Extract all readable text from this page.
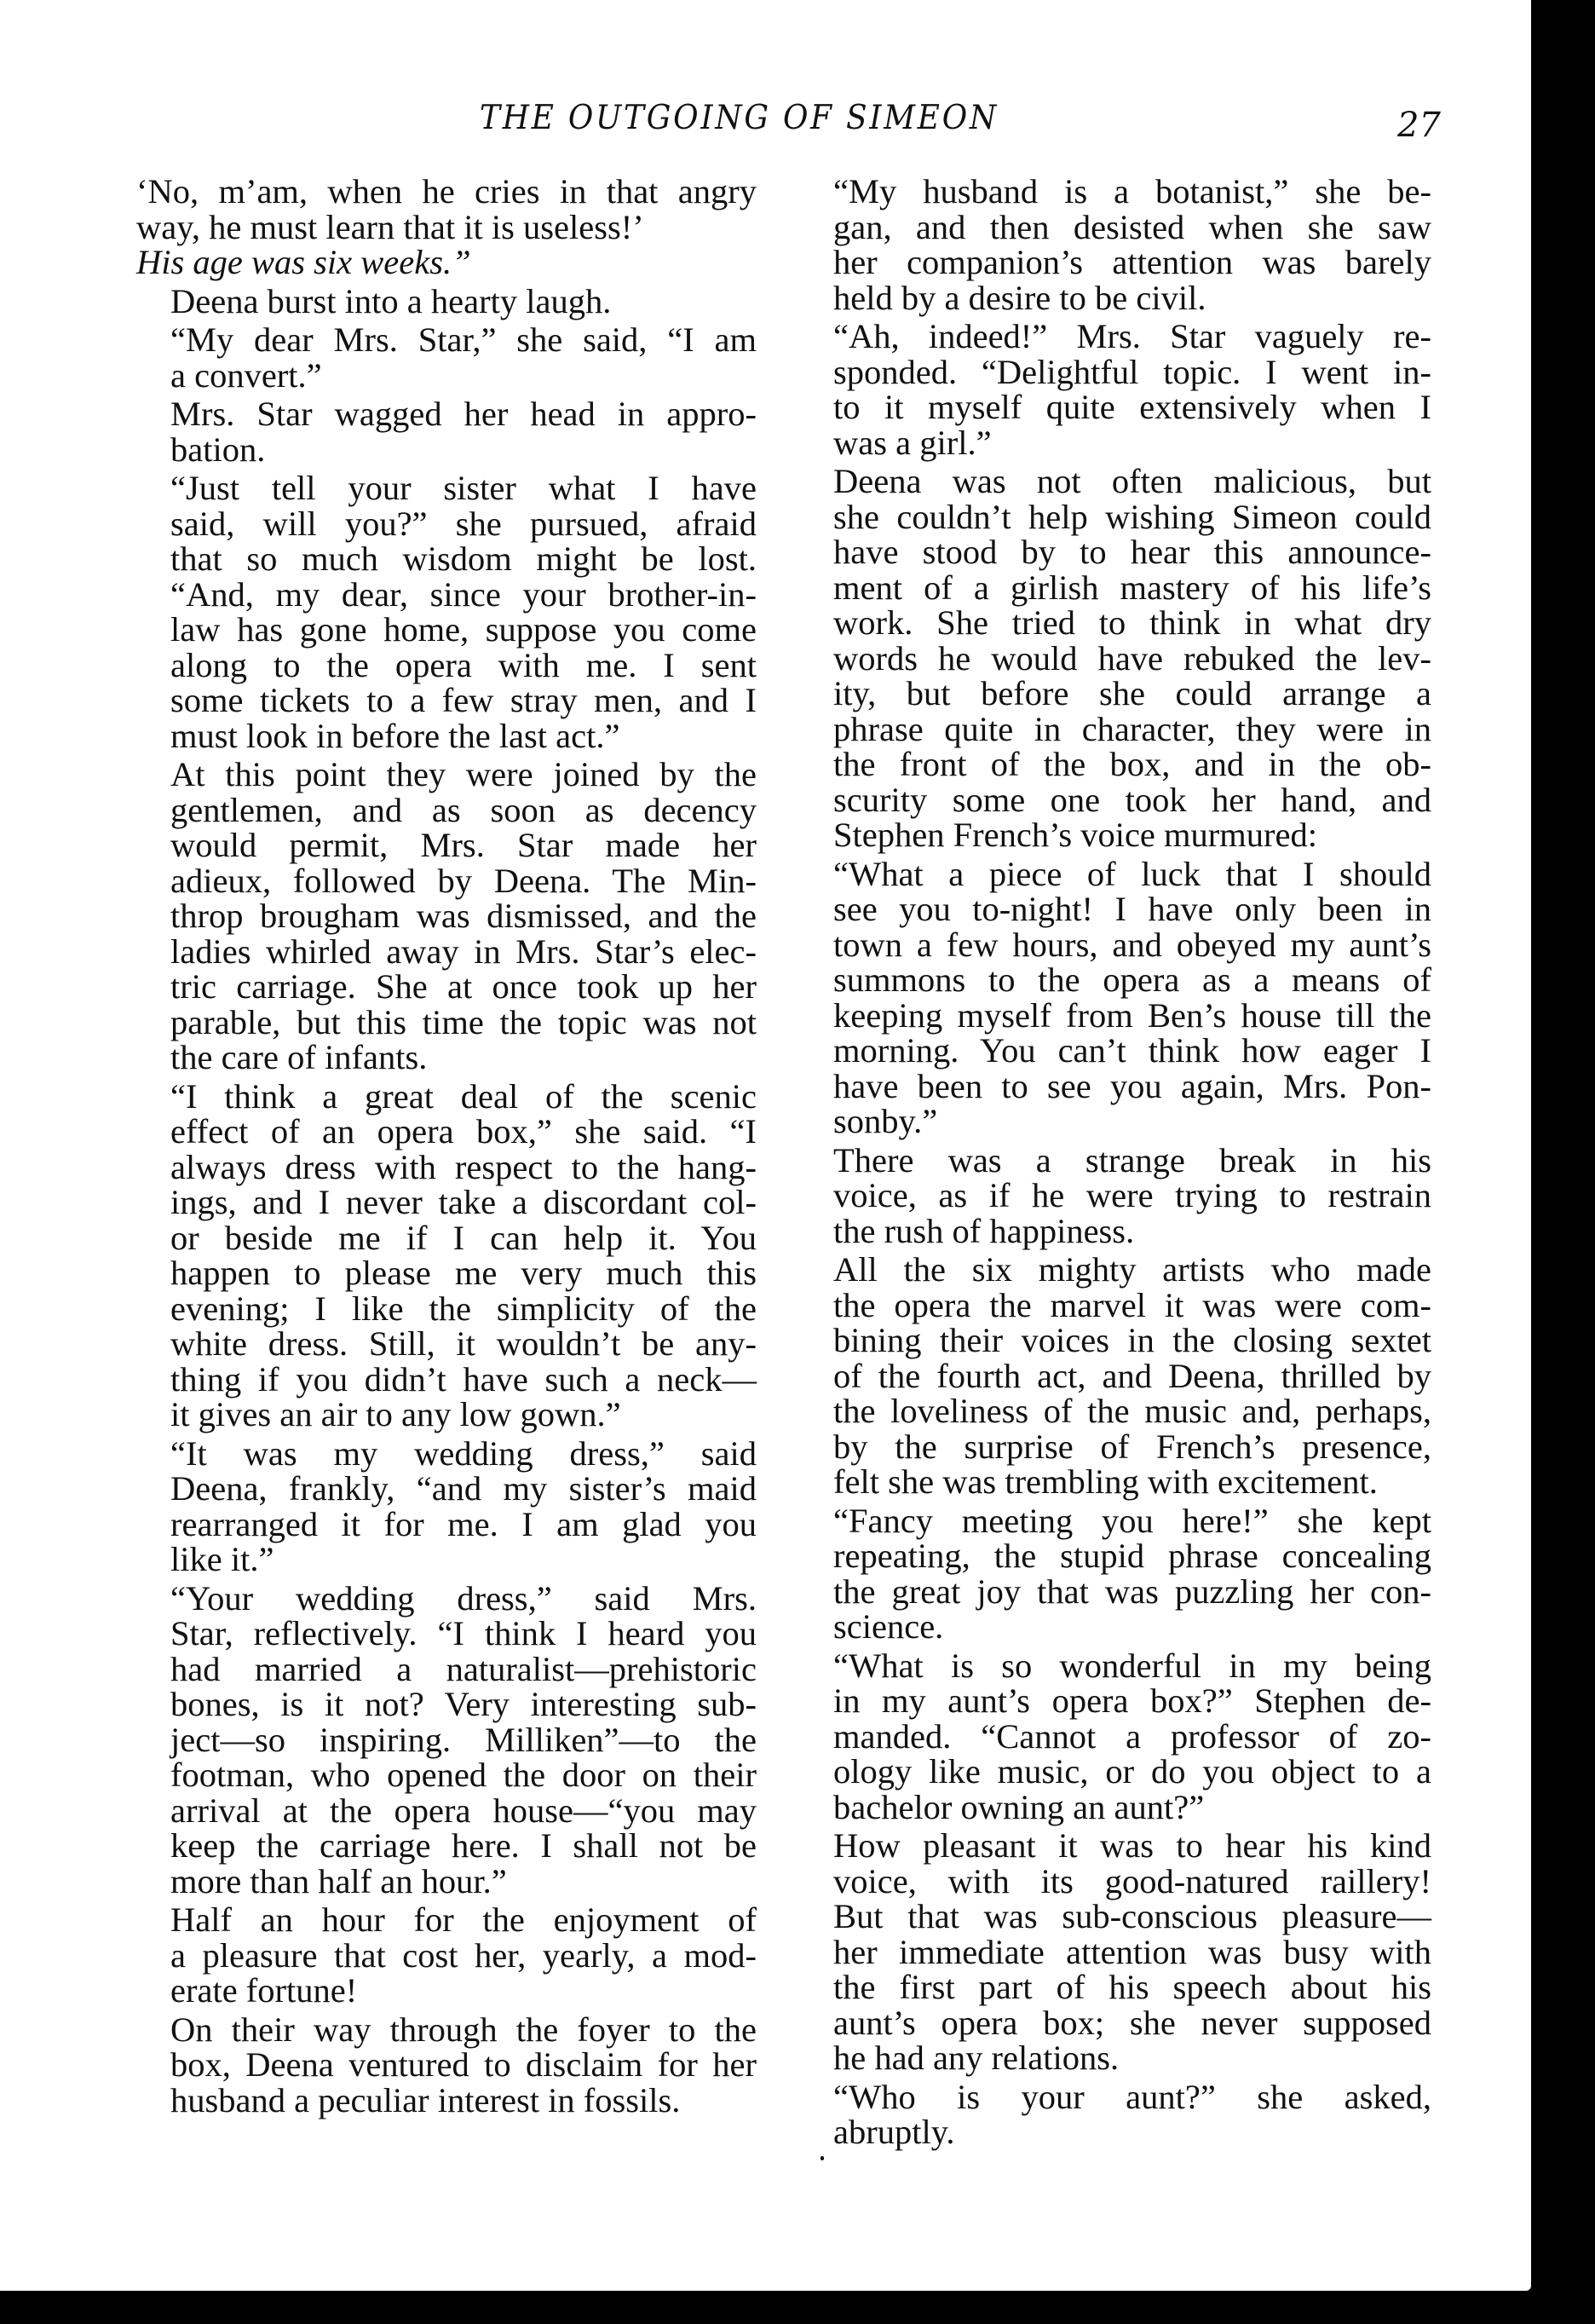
THE OUTGOING OF SIMEON	27
‘No, m’am, when he cries in that angry
way, he must learn that it is useless!’
His age was six weeks.”
Deena burst into a hearty laugh.
“My dear Mrs. Star,” she said, “I am
a convert.”
Mrs. Star wagged her head in appro-
bation.
“Just tell your sister what I have
said, will you?” she pursued, afraid
that so much wisdom might be lost.
“And, my dear, since your brother-in-
law has gone home, suppose you come
along to the opera with me. I sent
some tickets to a few stray men, and I
must look in before the last act.”
At this point they were joined by the
gentlemen, and as soon as decency
would permit, Mrs. Star made her
adieux, followed by Deena. The Min-
throp brougham was dismissed, and the
ladies whirled away in Mrs. Star’s elec-
tric carriage. She at once took up her
parable, but this time the topic was not
the care of infants.
“I think a great deal of the scenic
effect of an opera box,” she said. “I
always dress with respect to the hang-
ings, and I never take a discordant col-
or beside me if I can help it. You
happen to please me very much this
evening; I like the simplicity of the
white dress. Still, it wouldn’t be any-
thing if you didn’t have such a neck—
it gives an air to any low gown.”
“It was my wedding dress,” said
Deena, frankly, “and my sister’s maid
rearranged it for me. I am glad you
like it.”
“Your wedding dress,” said Mrs.
Star, reflectively. “I think I heard you
had married a naturalist—prehistoric
bones, is it not? Very interesting sub-
ject—so inspiring. Milliken”—to the
footman, who opened the door on their
arrival at the opera house—“you may
keep the carriage here. I shall not be
more than half an hour.”
Half an hour for the enjoyment of
a pleasure that cost her, yearly, a mod-
erate fortune!
On their way through the foyer to the
box, Deena ventured to disclaim for her
husband a peculiar interest in fossils.
“My husband is a botanist,” she be-
gan, and then desisted when she saw
her companion’s attention was barely
held by a desire to be civil.
“Ah, indeed!” Mrs. Star vaguely re-
sponded. “Delightful topic. I went in-
to it myself quite extensively when I
was a girl.”
Deena was not often malicious, but
she couldn’t help wishing Simeon could
have stood by to hear this announce-
ment of a girlish mastery of his life’s
work. She tried to think in what dry
words he would have rebuked the lev-
ity, but before she could arrange a
phrase quite in character, they were in
the front of the box, and in the ob-
scurity some one took her hand, and
Stephen French’s voice murmured:
“What a piece of luck that I should
see you to-night! I have only been in
town a few hours, and obeyed my aunt’s
summons to the opera as a means of
keeping myself from Ben’s house till the
morning. You can’t think how eager I
have been to see you again, Mrs. Pon-
sonby.”
There was a strange break in his
voice, as if he were trying to restrain
the rush of happiness.
All the six mighty artists who made
the opera the marvel it was were com-
bining their voices in the closing sextet
of the fourth act, and Deena, thrilled by
the loveliness of the music and, perhaps,
by the surprise of French’s presence,
felt she was trembling with excitement.
“Fancy meeting you here!” she kept
repeating, the stupid phrase concealing
the great joy that was puzzling her con-
science.
“What is so wonderful in my being
in my aunt’s opera box?” Stephen de-
manded. “Cannot a professor of zo-
ology like music, or do you object to a
bachelor owning an aunt?”
How pleasant it was to hear his kind
voice, with its good-natured raillery!
But that was sub-conscious pleasure—
her immediate attention was busy with
the first part of his speech about his
aunt’s opera box; she never supposed
he had any relations.
“Who is your aunt?” she asked,
abruptly.
